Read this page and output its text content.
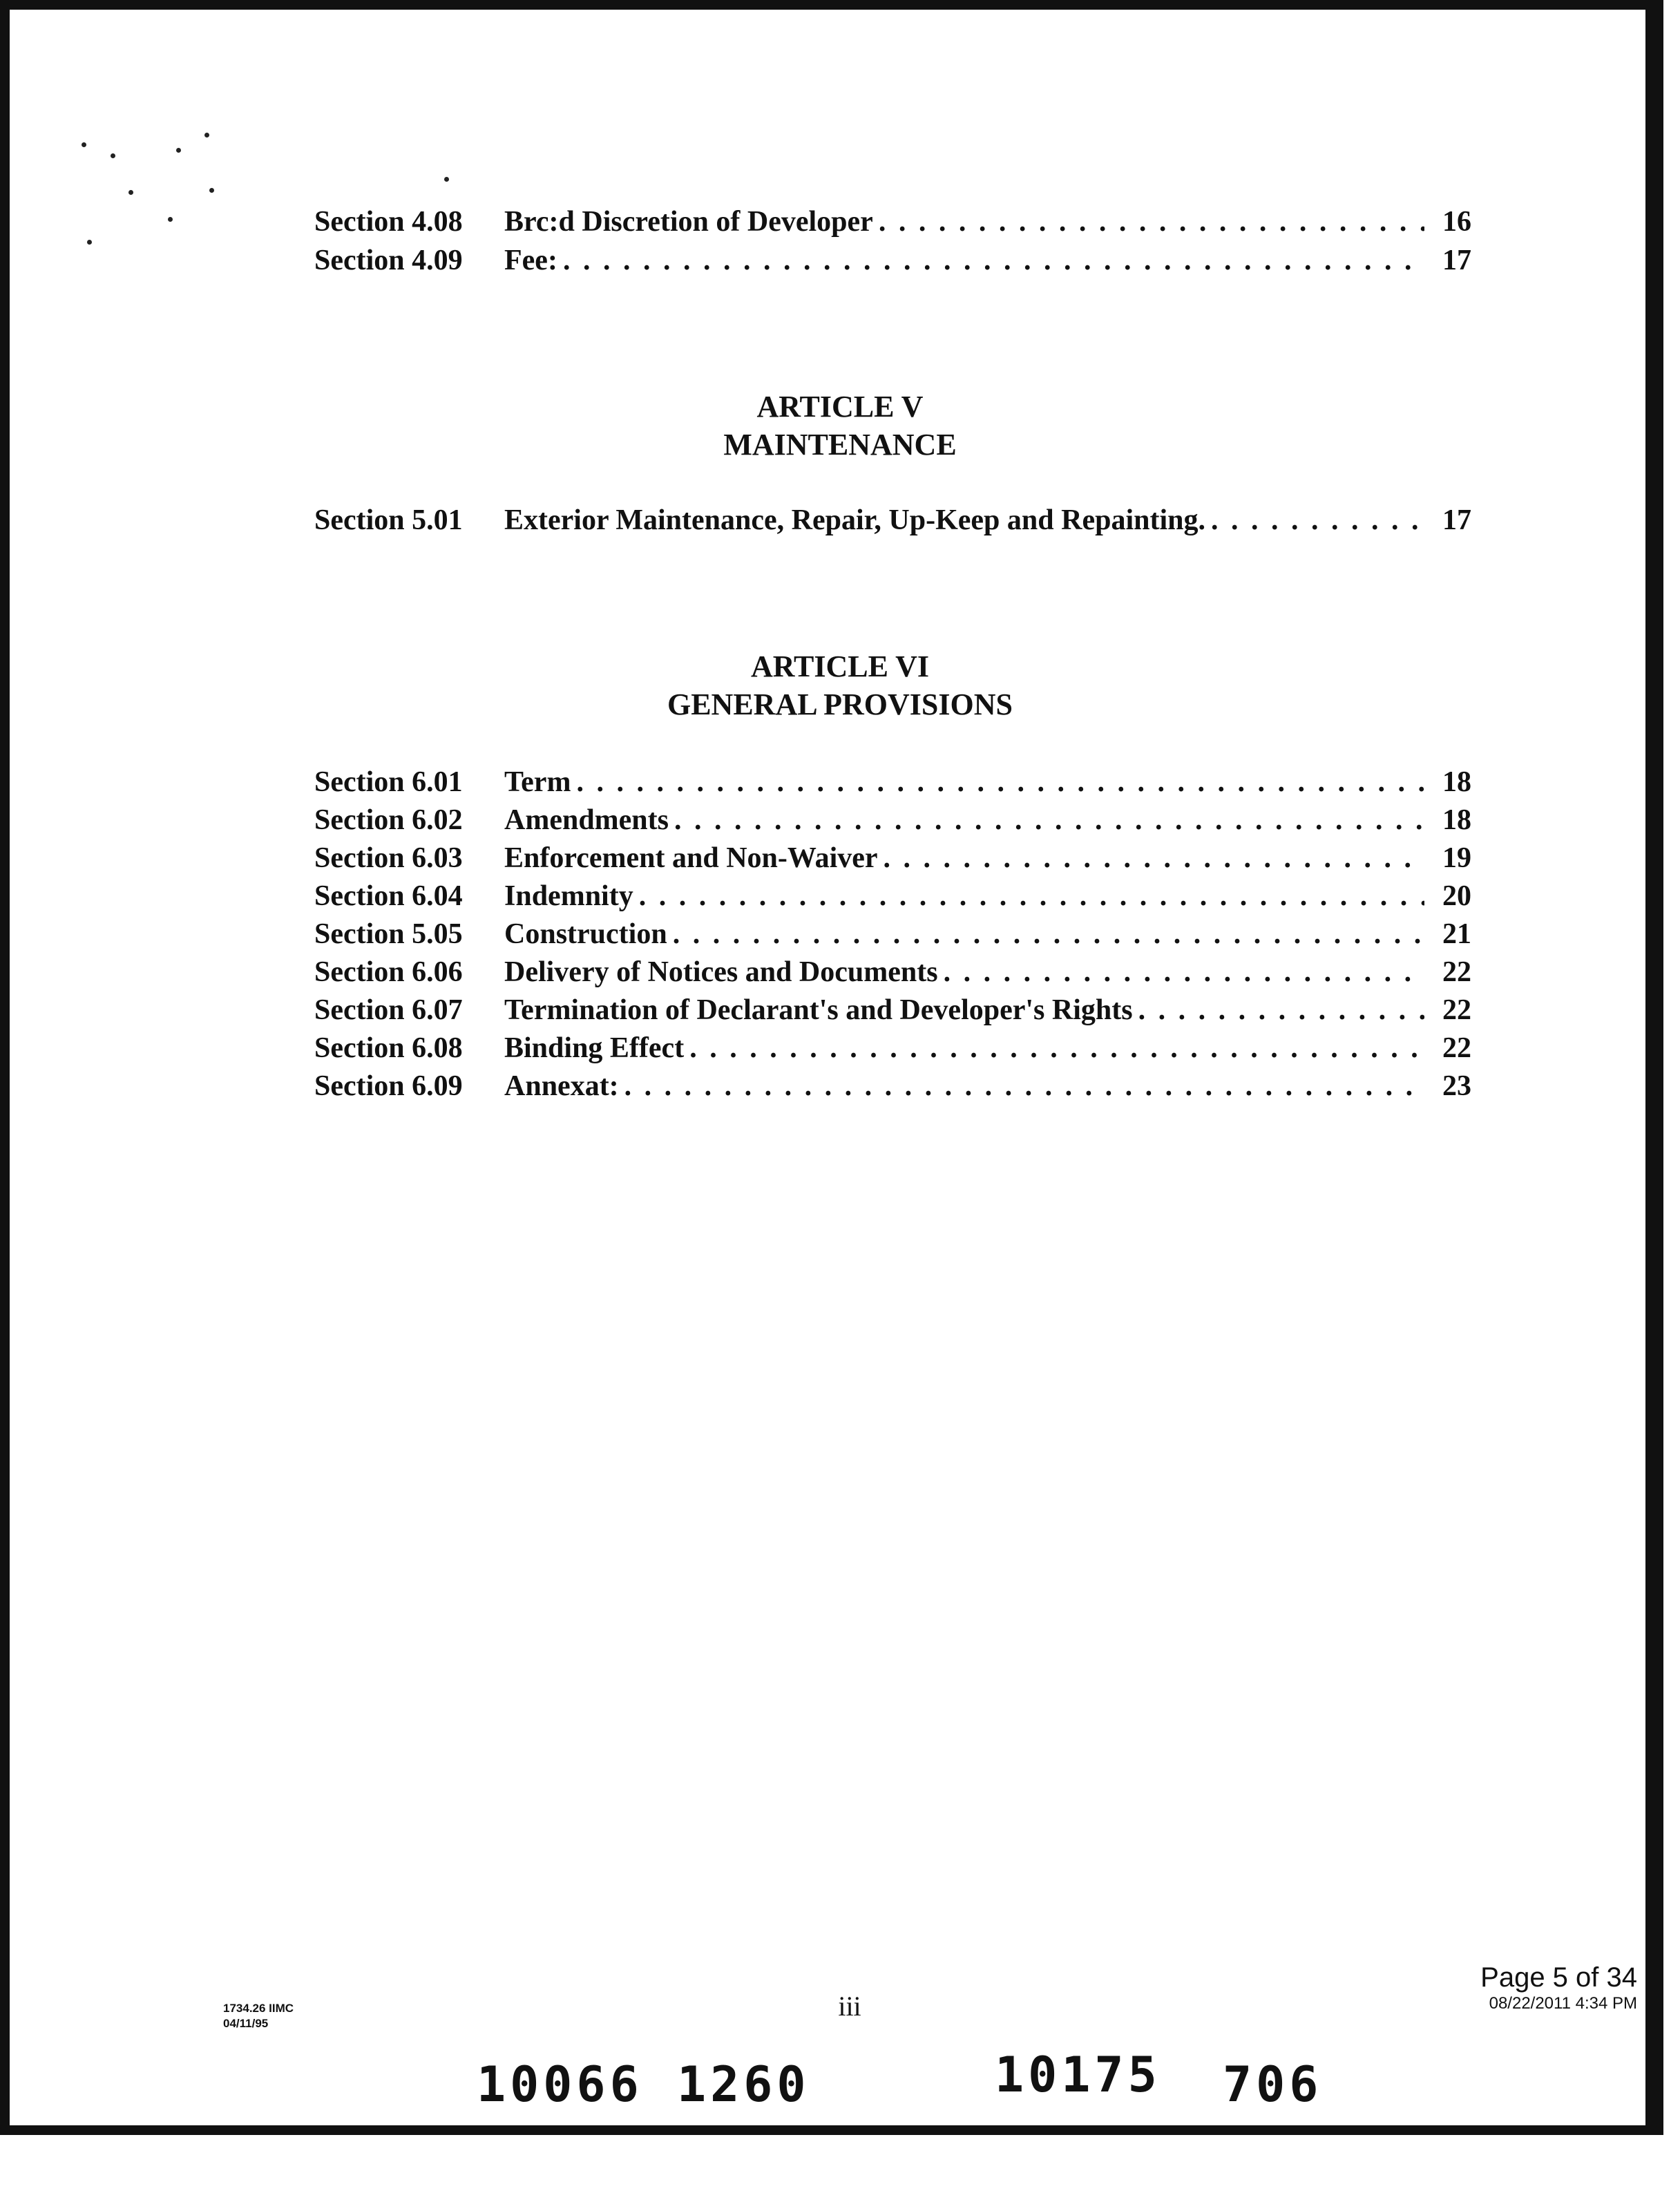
Section 4.08	Brc:d Discretion of Developer . . .	16
Section 4.09	Fee: . . .	17
ARTICLE V
MAINTENANCE
Section 5.01	Exterior Maintenance, Repair, Up-Keep and Repainting. . . .	17
ARTICLE VI
GENERAL PROVISIONS
Section 6.01	Term . . .	18
Section 6.02	Amendments . . .	18
Section 6.03	Enforcement and Non-Waiver . . .	19
Section 6.04	Indemnity . . .	20
Section 5.05	Construction . . .	21
Section 6.06	Delivery of Notices and Documents . . .	22
Section 6.07	Termination of Declarant's and Developer's Rights . . .	22
Section 6.08	Binding Effect . . .	22
Section 6.09	Annexat: . . .	23
1734.26 IIMC
04/11/95
iii
Page 5 of 34
08/22/2011 4:34 PM
10066 1260	10175 706
